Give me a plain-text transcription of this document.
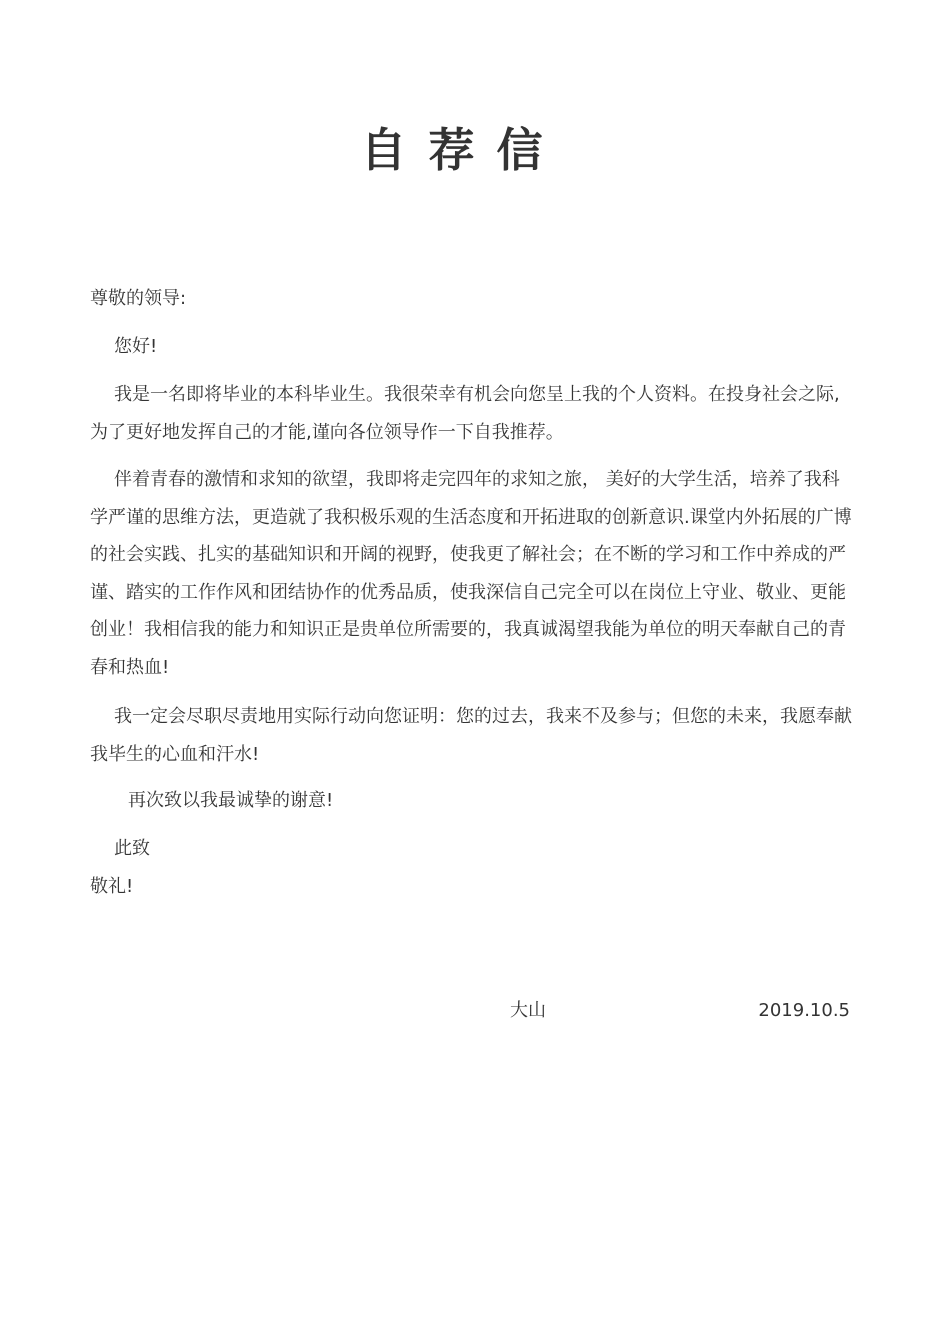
自荐信

尊敬的领导:

您好!

我是一名即将毕业的本科毕业生。我很荣幸有机会向您呈上我的个人资料。在投身社会之际,为了更好地发挥自己的才能,谨向各位领导作一下自我推荐。

伴着青春的激情和求知的欲望，我即将走完四年的求知之旅， 美好的大学生活，培养了我科学严谨的思维方法，更造就了我积极乐观的生活态度和开拓进取的创新意识.课堂内外拓展的广博的社会实践、扎实的基础知识和开阔的视野，使我更了解社会；在不断的学习和工作中养成的严谨、踏实的工作作风和团结协作的优秀品质，使我深信自己完全可以在岗位上守业、敬业、更能创业！我相信我的能力和知识正是贵单位所需要的，我真诚渴望我能为单位的明天奉献自己的青春和热血!

我一定会尽职尽责地用实际行动向您证明：您的过去，我来不及参与；但您的未来，我愿奉献我毕生的心血和汗水!

再次致以我最诚挚的谢意!

此致

敬礼!

大山	2019.10.5
